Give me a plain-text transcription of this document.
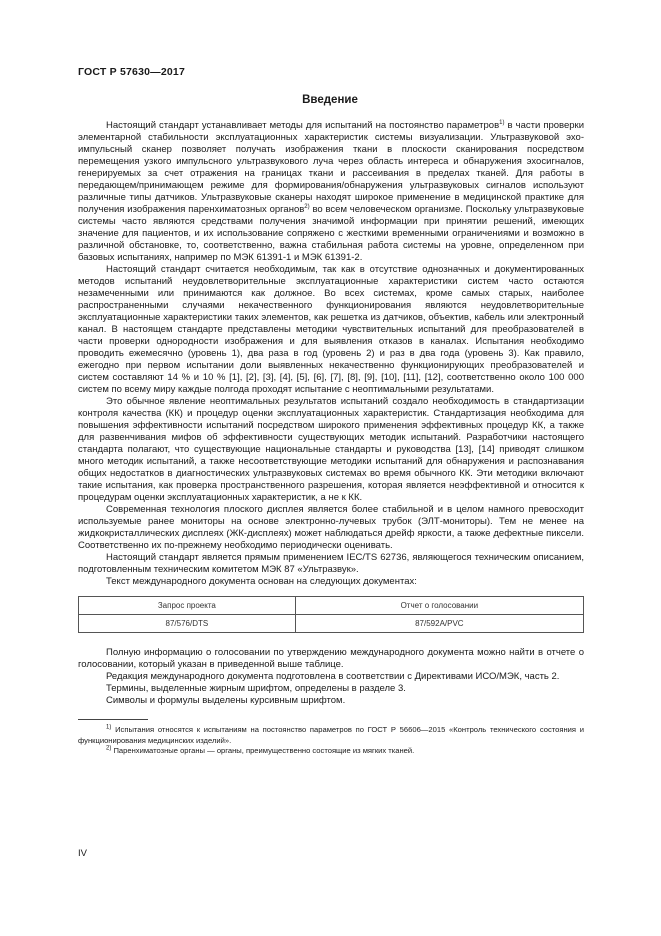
ГОСТ Р 57630—2017
Введение

Настоящий стандарт устанавливает методы для испытаний на постоянство параметров$^{1)}$ в части проверки элементарной стабильности эксплуатационных характеристик системы визуализации. Ультразвуковой эхо-импульсный сканер позволяет получать изображения ткани в плоскости сканирования посредством перемещения узкого импульсного ультразвукового луча через область интереса и обнаружения эхосигналов, генерируемых за счет отражения на границах ткани и рассеивания в пределах тканей. Для работы в передающем/принимающем режиме для формирования/обнаружения ультразвуковых сигналов используют различные типы датчиков. Ультразвуковые сканеры находят широкое применение в медицинской практике для получения изображения паренхиматозных органов$^{2)}$ во всем человеческом организме. Поскольку ультразвуковые системы часто являются средствами получения значимой информации при принятии решений, имеющих значение для пациентов, и их использование сопряжено с жесткими временными ограничениями и возможно в различной обстановке, то, соответственно, важна стабильная работа системы на уровне, определенном при базовых испытаниях, например по МЭК 61391-1 и МЭК 61391-2.

Настоящий стандарт считается необходимым, так как в отсутствие однозначных и документированных методов испытаний неудовлетворительные эксплуатационные характеристики систем часто остаются незамеченными или принимаются как должное. Во всех системах, кроме самых старых, наиболее распространенными случаями некачественного функционирования являются неудовлетворительные эксплуатационные характеристики таких элементов, как решетка из датчиков, объектив, кабель или электронный канал. В настоящем стандарте представлены методики чувствительных испытаний для преобразователей в части проверки однородности изображения и для выявления отказов в каналах. Испытания необходимо проводить ежемесячно (уровень 1), два раза в год (уровень 2) и раз в два года (уровень 3). Как правило, ежегодно при первом испытании доли выявленных некачественно функционирующих преобразователей и систем составляют 14 % и 10 % [1], [2], [3], [4], [5], [6], [7], [8], [9], [10], [11], [12], соответственно около 100 000 систем по всему миру каждые полгода проходят испытание с неоптимальными результатами.

Это обычное явление неоптимальных результатов испытаний создало необходимость в стандартизации контроля качества (КК) и процедур оценки эксплуатационных характеристик. Стандартизация необходима для повышения эффективности испытаний посредством широкого применения эффективных процедур КК, а также для развенчивания мифов об эффективности существующих методик испытаний. Разработчики настоящего стандарта полагают, что существующие национальные стандарты и руководства [13], [14] приводят слишком много методик испытаний, а также несоответствующие методики испытаний для обнаружения и распознавания общих недостатков в диагностических ультразвуковых системах во время обычного КК. Эти методики включают такие испытания, как проверка пространственного разрешения, которая является неэффективной и относится к процедурам оценки эксплуатационных характеристик, а не к КК.

Современная технология плоского дисплея является более стабильной и в целом намного превосходит используемые ранее мониторы на основе электронно-лучевых трубок (ЭЛТ-мониторы). Тем не менее на жидкокристаллических дисплеях (ЖК-дисплеях) может наблюдаться дрейф яркости, а также дефектные пиксели. Соответственно их по-прежнему необходимо периодически оценивать.

Настоящий стандарт является прямым применением IEC/TS 62736, являющегося техническим описанием, подготовленным техническим комитетом МЭК 87 «Ультразвук».

Текст международного документа основан на следующих документах:

Запрос проекта	Отчет о голосовании
87/576/DTS	87/592A/PVC

Полную информацию о голосовании по утверждению международного документа можно найти в отчете о голосовании, который указан в приведенной выше таблице.

Редакция международного документа подготовлена в соответствии с Директивами ИСО/МЭК, часть 2.

Термины, выделенные жирным шрифтом, определены в разделе 3.

Символы и формулы выделены курсивным шрифтом.

$^{1)}$ Испытания относятся к испытаниям на постоянство параметров по ГОСТ Р 56606—2015 «Контроль технического состояния и функционирования медицинских изделий».

$^{2)}$ Паренхиматозные органы — органы, преимущественно состоящие из мягких тканей.

IV
